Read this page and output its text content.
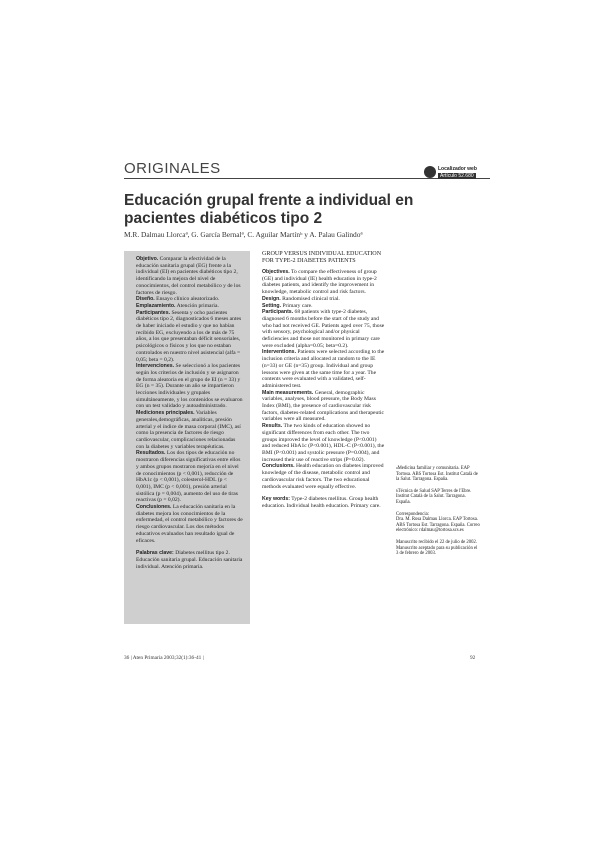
ORIGINALES	Localizador web
Artículo 52.680
Educación grupal frente a individual en pacientes diabéticos tipo 2
M.R. Dalmau Llorcaª, G. García Bernalª, C. Aguilar Martínᵇ y A. Palau Galindoª

Objetivo. Comparar la efectividad de la educación sanitaria grupal (EG) frente a la individual (EI) en pacientes diabéticos tipo 2, identificando la mejora del nivel de conocimientos, del control metabólico y de los factores de riesgo.

Diseño. Ensayo clínico aleatorizado.

Emplazamiento. Atención primaria.

Participantes. Sesenta y ocho pacientes diabéticos tipo 2, diagnosticados 6 meses antes de haber iniciado el estudio y que no habían recibido EG, excluyendo a los de más de 75 años, a los que presentaban déficit sensoriales, psicológicos o físicos y los que no estaban controlados en nuestro nivel asistencial (alfa = 0,05; beta = 0,2).

Intervenciones. Se seleccionó a los pacientes según los criterios de inclusión y se asignaron de forma aleatoria en el grupo de EI (n = 33) y EG (n = 35). Durante un año se impartieron lecciones individuales y grupales simultáneamente, y los contenidos se evaluaron con un test validado y autoadministrado.

Mediciones principales. Variables generales,demográficas, analíticas, presión arterial y el índice de masa corporal (IMC), así como la presencia de factores de riesgo cardiovascular, complicaciones relacionadas con la diabetes y variables terapéuticas.

Resultados. Los dos tipos de educación no mostraron diferencias significativas entre ellos y ambos grupos mostraron mejoría en el nivel de conocimientos (p < 0,001), reducción de HbA1c (p < 0,001), colesterol-HDL (p < 0,001), IMC (p < 0,001), presión arterial sistólica (p = 0,004), aumento del uso de tiras reactivas (p = 0,02).

Conclusiones. La educación sanitaria en la diabetes mejora los conocimientos de la enfermedad, el control metabólico y factores de riesgo cardiovascular. Los dos métodos educativos evaluados han resultado igual de eficaces.

Palabras clave: Diabetes mellitus tipo 2. Educación sanitaria grupal. Educación sanitaria individual. Atención primaria.

GROUP VERSUS INDIVIDUAL EDUCATION FOR TYPE-2 DIABETES PATIENTS

Objectives. To compare the effectiveness of group (GE) and individual (IE) health education in type-2 diabetes patients, and identify the improvement in knowledge, metabolic control and risk factors.

Design. Randomised clinical trial.

Setting. Primary care.

Participants. 68 patients with type-2 diabetes, diagnosed 6 months before the start of the study and who had not received GE. Patients aged over 75, those with sensory, psychological and/or physical deficiencies and those not monitored in primary care were excluded (alpha=0.05; beta=0.2).

Interventions. Patients were selected according to the inclusion criteria and allocated at random to the IE (n=33) or GE (n=35) group. Individual and group lessons were given at the same time for a year. The contents were evaluated with a validated, self-administered test.

Main measurements. General, demographic variables, analyses, blood pressure, the Body Mass Index (BMI), the presence of cardiovascular risk factors, diabetes-related complications and therapeutic variables were all measured.

Results. The two kinds of education showed no significant differences from each other. The two groups improved the level of knowledge (P<0.001) and reduced HbA1c (P<0.001), HDL-C (P<0.001), the BMI (P<0.001) and systolic pressure (P=0.004), and increased their use of reactive strips (P=0.02).

Conclusions. Health education on diabetes improved knowledge of the disease, metabolic control and cardiovascular risk factors. The two educational methods evaluated were equally effective.

Key words: Type-2 diabetes mellitus. Group health education. Individual health education. Primary care.

$^a$Medicina familiar y comunitaria. EAP Tortosa. ABS Tortosa Est. Institut Català de la Salut. Tarragona. España.
$^b$Técnica de Salud SAP Terres de l'Ebre. Institut Català de la Salut. Tarragona. España.
Correspondencia:
Dra. M. Rosa Dalmau Llorca. EAP Tortosa. ABS Tortosa Est. Tarragona. España. Correo electrónico: rdalmau@tortosa.scs.es
Manuscrito recibido el 22 de julio de 2002. Manuscrito aceptado para su publicación el 3 de febrero de 2003.
36 | Aten Primaria 2003;32(1):36-41 |	92
